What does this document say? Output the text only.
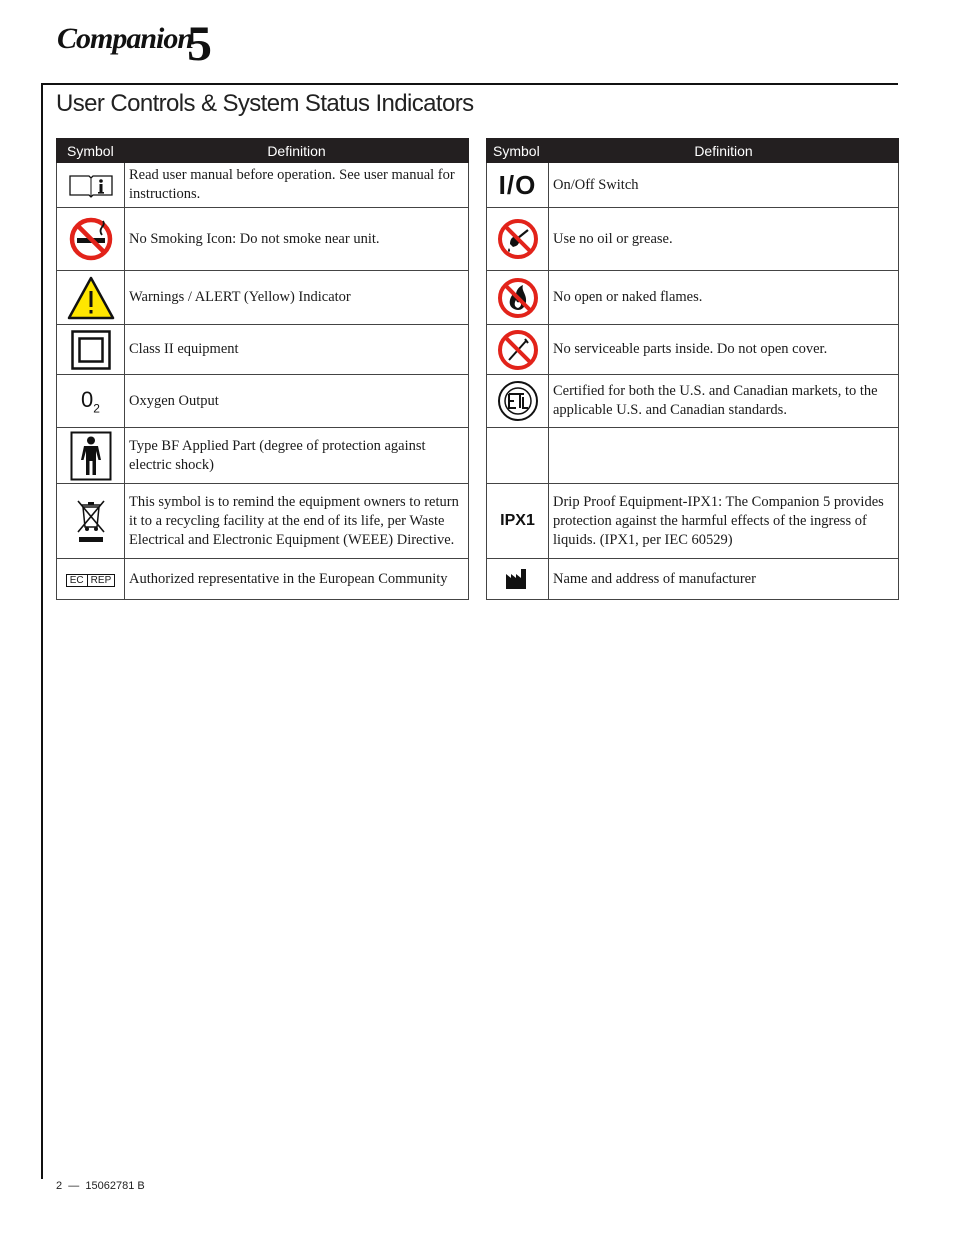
Companion
5
User Controls & System Status Indicators
Symbol	Definition

	Read user manual before operation. See user manual for instructions.

	No Smoking Icon: Do not smoke near unit.

	Warnings / ALERT (Yellow) Indicator

	Class II equipment
$0_2$	Oxygen Output

	Type BF Applied Part (degree of protection against electric shock)

	This symbol is to remind the equipment owners to return it to a recycling facility at the end of its life, per Waste Electrical and Electronic Equipment (WEEE) Directive.
EC REP	Authorized representative in the European Community
Symbol	Definition
I/O	On/Off Switch

	Use no oil or grease.

	No open or naked flames.

	No serviceable parts inside. Do not open cover.

	Certified for both the U.S. and Canadian markets, to the applicable U.S. and Canadian standards.

IPX1	Drip Proof Equipment-IPX1: The Companion 5 provides protection against the harmful effects of the ingress of liquids. (IPX1, per IEC 60529)

	Name and address of manufacturer
2 — 15062781 B
